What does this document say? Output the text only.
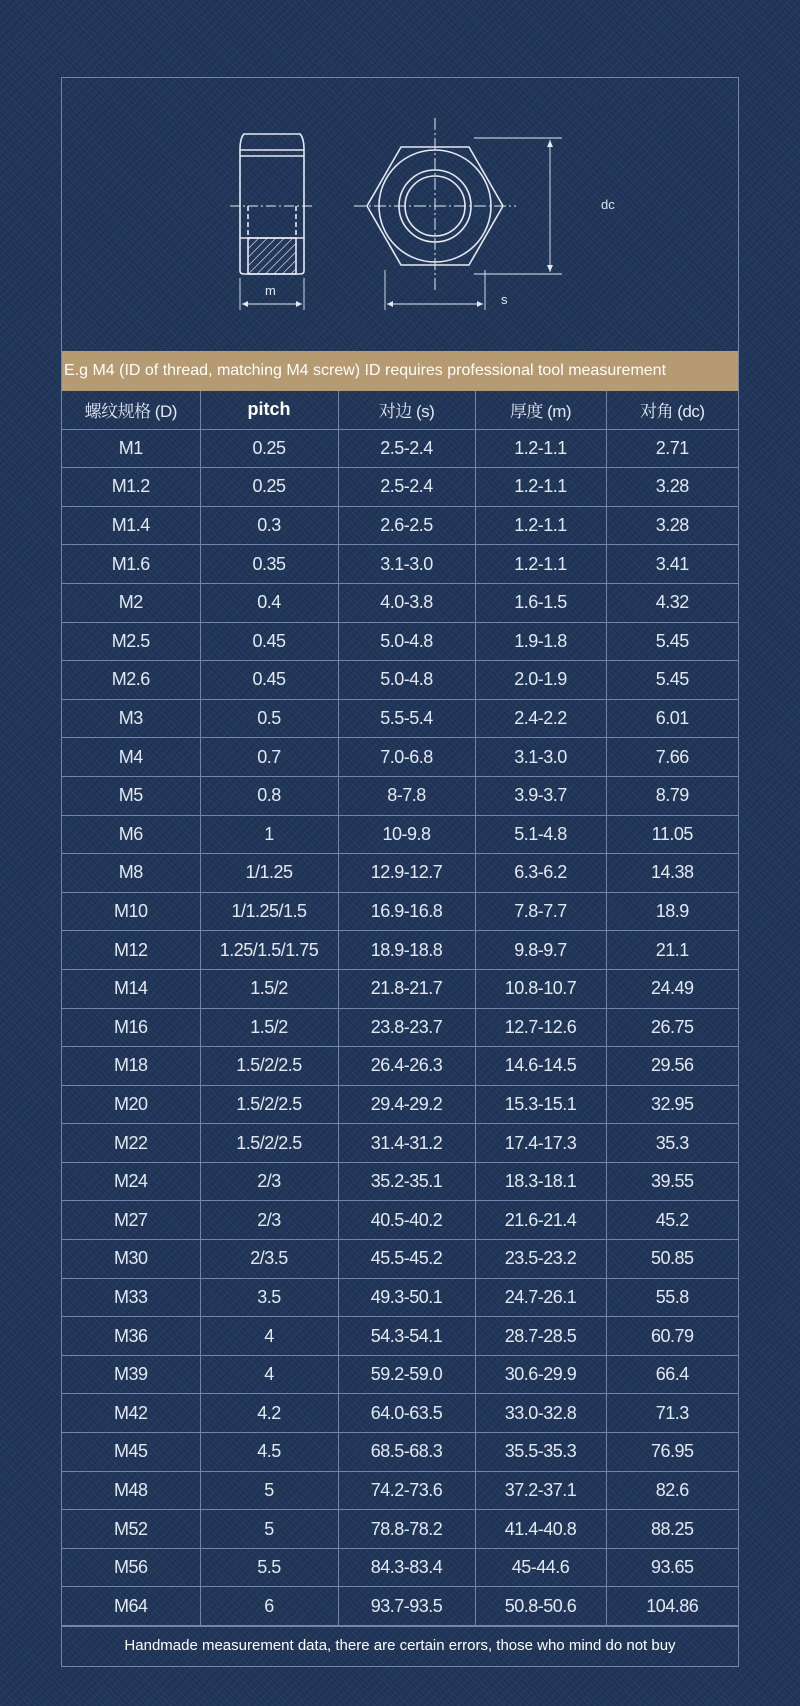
m
s
dc
E.g M4 (ID of thread, matching M4 screw) ID requires professional tool measurement
螺纹规格 (D)	pitch	对边 (s)	厚度 (m)	对角 (dc)
M1	0.25	2.5-2.4	1.2-1.1	2.71
M1.2	0.25	2.5-2.4	1.2-1.1	3.28
M1.4	0.3	2.6-2.5	1.2-1.1	3.28
M1.6	0.35	3.1-3.0	1.2-1.1	3.41
M2	0.4	4.0-3.8	1.6-1.5	4.32
M2.5	0.45	5.0-4.8	1.9-1.8	5.45
M2.6	0.45	5.0-4.8	2.0-1.9	5.45
M3	0.5	5.5-5.4	2.4-2.2	6.01
M4	0.7	7.0-6.8	3.1-3.0	7.66
M5	0.8	8-7.8	3.9-3.7	8.79
M6	1	10-9.8	5.1-4.8	11.05
M8	1/1.25	12.9-12.7	6.3-6.2	14.38
M10	1/1.25/1.5	16.9-16.8	7.8-7.7	18.9
M12	1.25/1.5/1.75	18.9-18.8	9.8-9.7	21.1
M14	1.5/2	21.8-21.7	10.8-10.7	24.49
M16	1.5/2	23.8-23.7	12.7-12.6	26.75
M18	1.5/2/2.5	26.4-26.3	14.6-14.5	29.56
M20	1.5/2/2.5	29.4-29.2	15.3-15.1	32.95
M22	1.5/2/2.5	31.4-31.2	17.4-17.3	35.3
M24	2/3	35.2-35.1	18.3-18.1	39.55
M27	2/3	40.5-40.2	21.6-21.4	45.2
M30	2/3.5	45.5-45.2	23.5-23.2	50.85
M33	3.5	49.3-50.1	24.7-26.1	55.8
M36	4	54.3-54.1	28.7-28.5	60.79
M39	4	59.2-59.0	30.6-29.9	66.4
M42	4.2	64.0-63.5	33.0-32.8	71.3
M45	4.5	68.5-68.3	35.5-35.3	76.95
M48	5	74.2-73.6	37.2-37.1	82.6
M52	5	78.8-78.2	41.4-40.8	88.25
M56	5.5	84.3-83.4	45-44.6	93.65
M64	6	93.7-93.5	50.8-50.6	104.86
Handmade measurement data, there are certain errors, those who mind do not buy
